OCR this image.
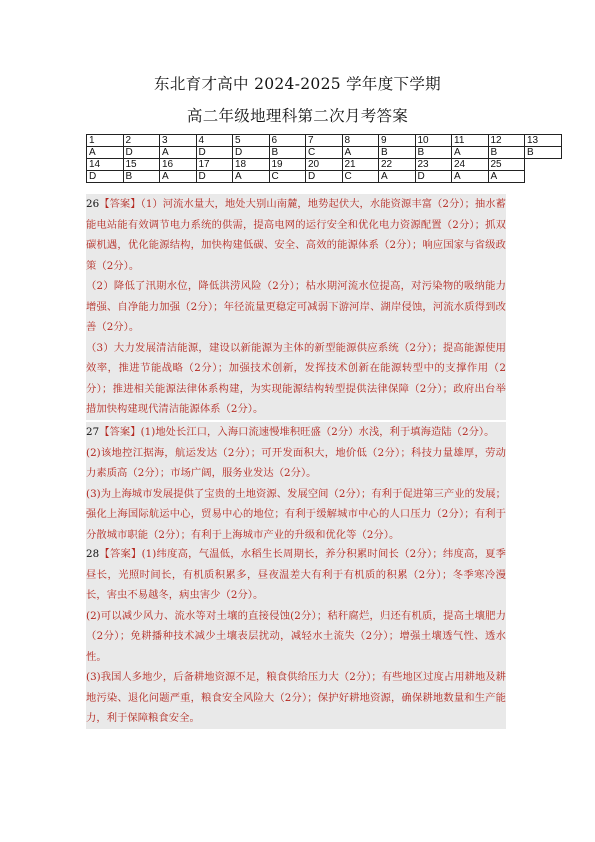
东北育才高中 2024-2025 学年度下学期
高二年级地理科第二次月考答案
1	2	3	4	5	6	7	8	9	10	11	12	13
A	D	A	D	D	B	C	A	B	B	A	B	B
14	15	16	17	18	19	20	21	22	23	24	25	
D	B	A	D	A	C	D	C	A	D	A	A	

26【答案】（1）河流水量大，地处大别山南麓，地势起伏大，水能资源丰富（2分）；抽水蓄能电站能有效调节电力系统的供需，提高电网的运行安全和优化电力资源配置（2分）；抓双碳机遇，优化能源结构，加快构建低碳、安全、高效的能源体系（2分）；响应国家与省级政策（2分）。

（2）降低了汛期水位，降低洪涝风险（2分）；枯水期河流水位提高，对污染物的吸纳能力增强、自净能力加强（2分）；年径流量更稳定可减弱下游河岸、湖岸侵蚀，河流水质得到改善（2分）。

（3）大力发展清洁能源，建设以新能源为主体的新型能源供应系统（2分）；提高能源使用效率，推进节能战略（2分）；加强技术创新，发挥技术创新在能源转型中的支撑作用（2分）；推进相关能源法律体系构建，为实现能源结构转型提供法律保障（2分）；政府出台举措加快构建现代清洁能源体系（2分）。

27【答案】(1)地处长江口，入海口流速慢堆积旺盛（2分）水浅，利于填海造陆（2分）。

(2)该地控江据海，航运发达（2分）；可开发面积大，地价低（2分）；科技力量雄厚，劳动力素质高（2分）；市场广阔，服务业发达（2分）。

(3)为上海城市发展提供了宝贵的土地资源、发展空间（2分）；有利于促进第三产业的发展；强化上海国际航运中心，贸易中心的地位；有利于缓解城市中心的人口压力（2分）；有利于分散城市职能（2分）；有利于上海城市产业的升级和优化等（2分）。

28【答案】(1)纬度高，气温低，水稻生长周期长，养分积累时间长（2分）；纬度高，夏季昼长，光照时间长，有机质积累多，昼夜温差大有利于有机质的积累（2分）；冬季寒冷漫长，害虫不易越冬，病虫害少（2分）。

(2)可以减少风力、流水等对土壤的直接侵蚀(2分）；秸秆腐烂，归还有机质，提高土壤肥力（2分）；免耕播种技术减少土壤表层扰动，减轻水土流失（2分）；增强土壤透气性、透水性。

(3)我国人多地少，后备耕地资源不足，粮食供给压力大（2分）；有些地区过度占用耕地及耕地污染、退化问题严重，粮食安全风险大（2分）；保护好耕地资源，确保耕地数量和生产能力，利于保障粮食安全。
